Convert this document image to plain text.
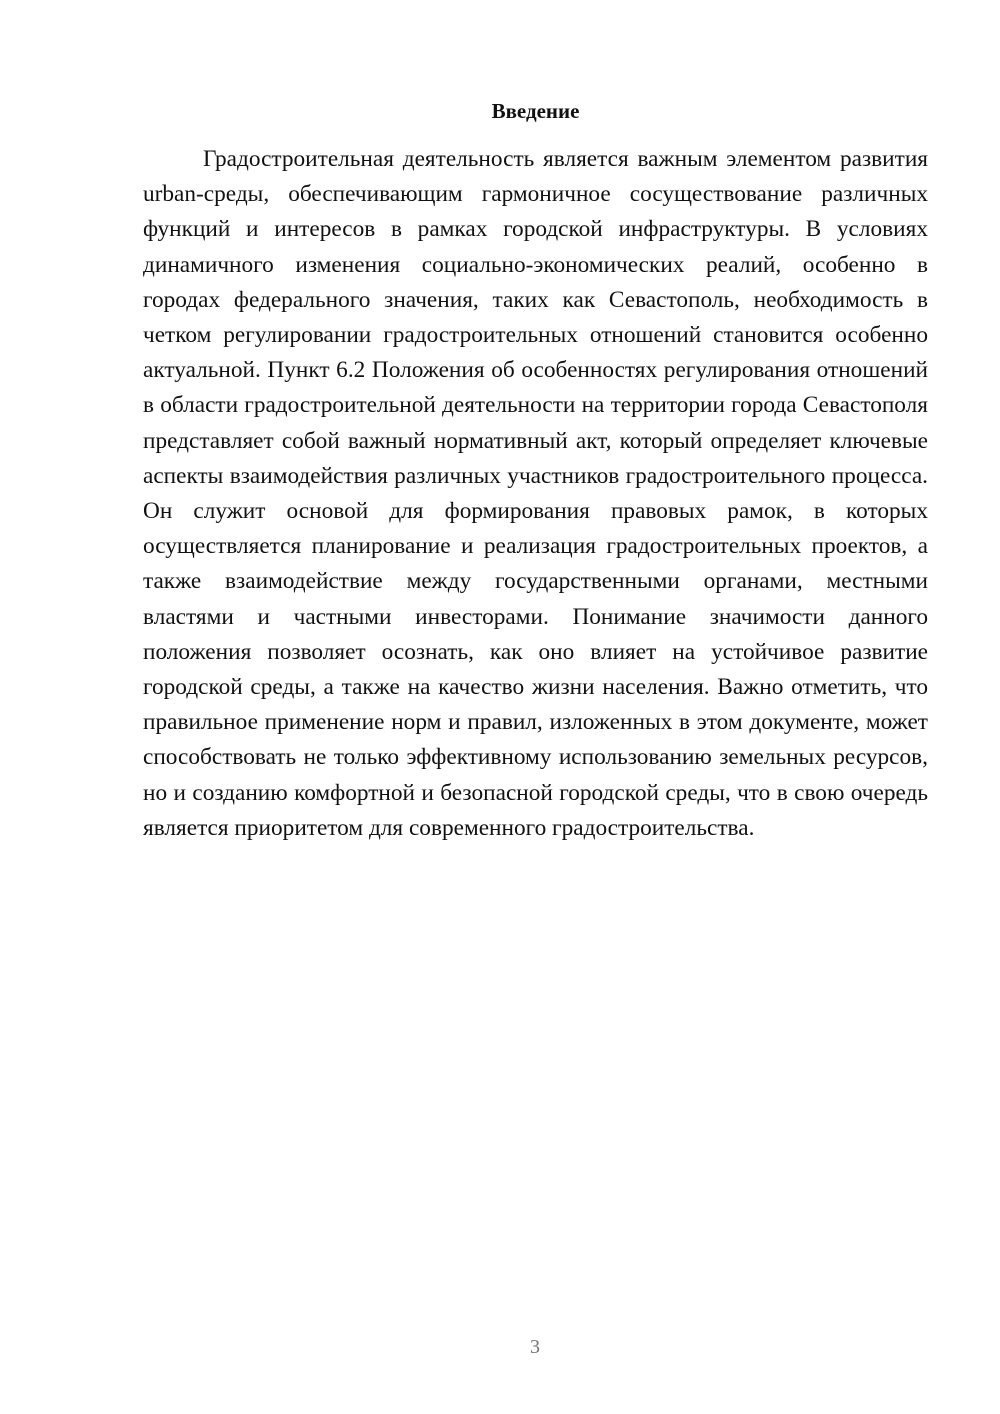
Введение

Градостроительная деятельность является важным элементом развития urban-среды, обеспечивающим гармоничное сосуществование различных функций и интересов в рамках городской инфраструктуры. В условиях динамичного изменения социально-экономических реалий, особенно в городах федерального значения, таких как Севастополь, необходимость в четком регулировании градостроительных отношений становится особенно актуальной. Пункт 6.2 Положения об особенностях регулирования отношений в области градостроительной деятельности на территории города Севастополя представляет собой важный нормативный акт, который определяет ключевые аспекты взаимодействия различных участников градостроительного процесса. Он служит основой для формирования правовых рамок, в которых осуществляется планирование и реализация градостроительных проектов, а также взаимодействие между государственными органами, местными властями и частными инвесторами. Понимание значимости данного положения позволяет осознать, как оно влияет на устойчивое развитие городской среды, а также на качество жизни населения. Важно отметить, что правильное применение норм и правил, изложенных в этом документе, может способствовать не только эффективному использованию земельных ресурсов, но и созданию комфортной и безопасной городской среды, что в свою очередь является приоритетом для современного градостроительства.

3
